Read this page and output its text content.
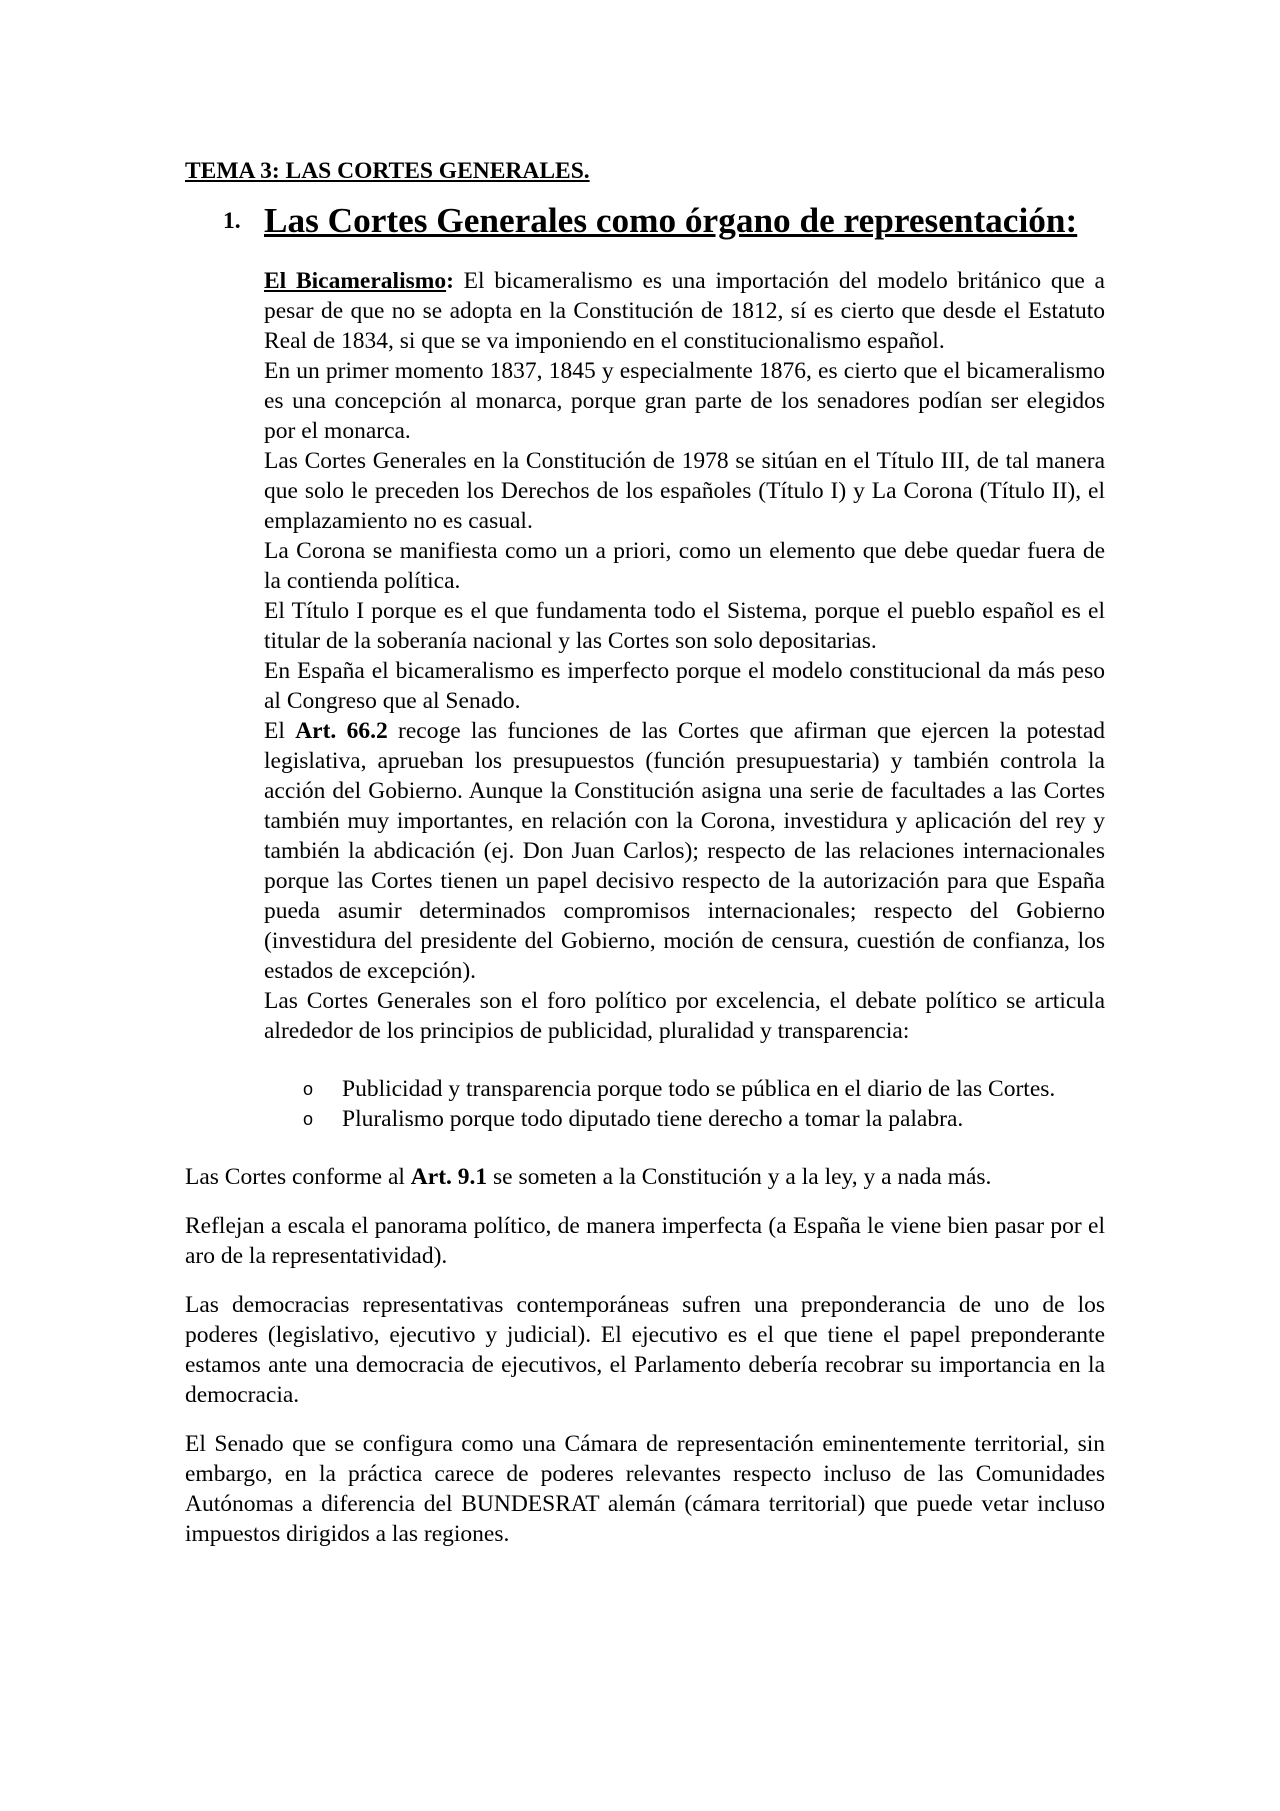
TEMA 3: LAS CORTES GENERALES.
1. Las Cortes Generales como órgano de representación:

El Bicameralismo: El bicameralismo es una importación del modelo británico que a pesar de que no se adopta en la Constitución de 1812, sí es cierto que desde el Estatuto Real de 1834, si que se va imponiendo en el constitucionalismo español.

En un primer momento 1837, 1845 y especialmente 1876, es cierto que el bicameralismo es una concepción al monarca, porque gran parte de los senadores podían ser elegidos por el monarca.

Las Cortes Generales en la Constitución de 1978 se sitúan en el Título III, de tal manera que solo le preceden los Derechos de los españoles (Título I) y La Corona (Título II), el emplazamiento no es casual.

La Corona se manifiesta como un a priori, como un elemento que debe quedar fuera de la contienda política.

El Título I porque es el que fundamenta todo el Sistema, porque el pueblo español es el titular de la soberanía nacional y las Cortes son solo depositarias.

En España el bicameralismo es imperfecto porque el modelo constitucional da más peso al Congreso que al Senado.

El Art. 66.2 recoge las funciones de las Cortes que afirman que ejercen la potestad legislativa, aprueban los presupuestos (función presupuestaria) y también controla la acción del Gobierno. Aunque la Constitución asigna una serie de facultades a las Cortes también muy importantes, en relación con la Corona, investidura y aplicación del rey y también la abdicación (ej. Don Juan Carlos); respecto de las relaciones internacionales porque las Cortes tienen un papel decisivo respecto de la autorización para que España pueda asumir determinados compromisos internacionales; respecto del Gobierno (investidura del presidente del Gobierno, moción de censura, cuestión de confianza, los estados de excepción).

Las Cortes Generales son el foro político por excelencia, el debate político se articula alrededor de los principios de publicidad, pluralidad y transparencia:

o Publicidad y transparencia porque todo se pública en el diario de las Cortes.
o Pluralismo porque todo diputado tiene derecho a tomar la palabra.

Las Cortes conforme al Art. 9.1 se someten a la Constitución y a la ley, y a nada más.

Reflejan a escala el panorama político, de manera imperfecta (a España le viene bien pasar por el aro de la representatividad).

Las democracias representativas contemporáneas sufren una preponderancia de uno de los poderes (legislativo, ejecutivo y judicial). El ejecutivo es el que tiene el papel preponderante estamos ante una democracia de ejecutivos, el Parlamento debería recobrar su importancia en la democracia.

El Senado que se configura como una Cámara de representación eminentemente territorial, sin embargo, en la práctica carece de poderes relevantes respecto incluso de las Comunidades Autónomas a diferencia del BUNDESRAT alemán (cámara territorial) que puede vetar incluso impuestos dirigidos a las regiones.
